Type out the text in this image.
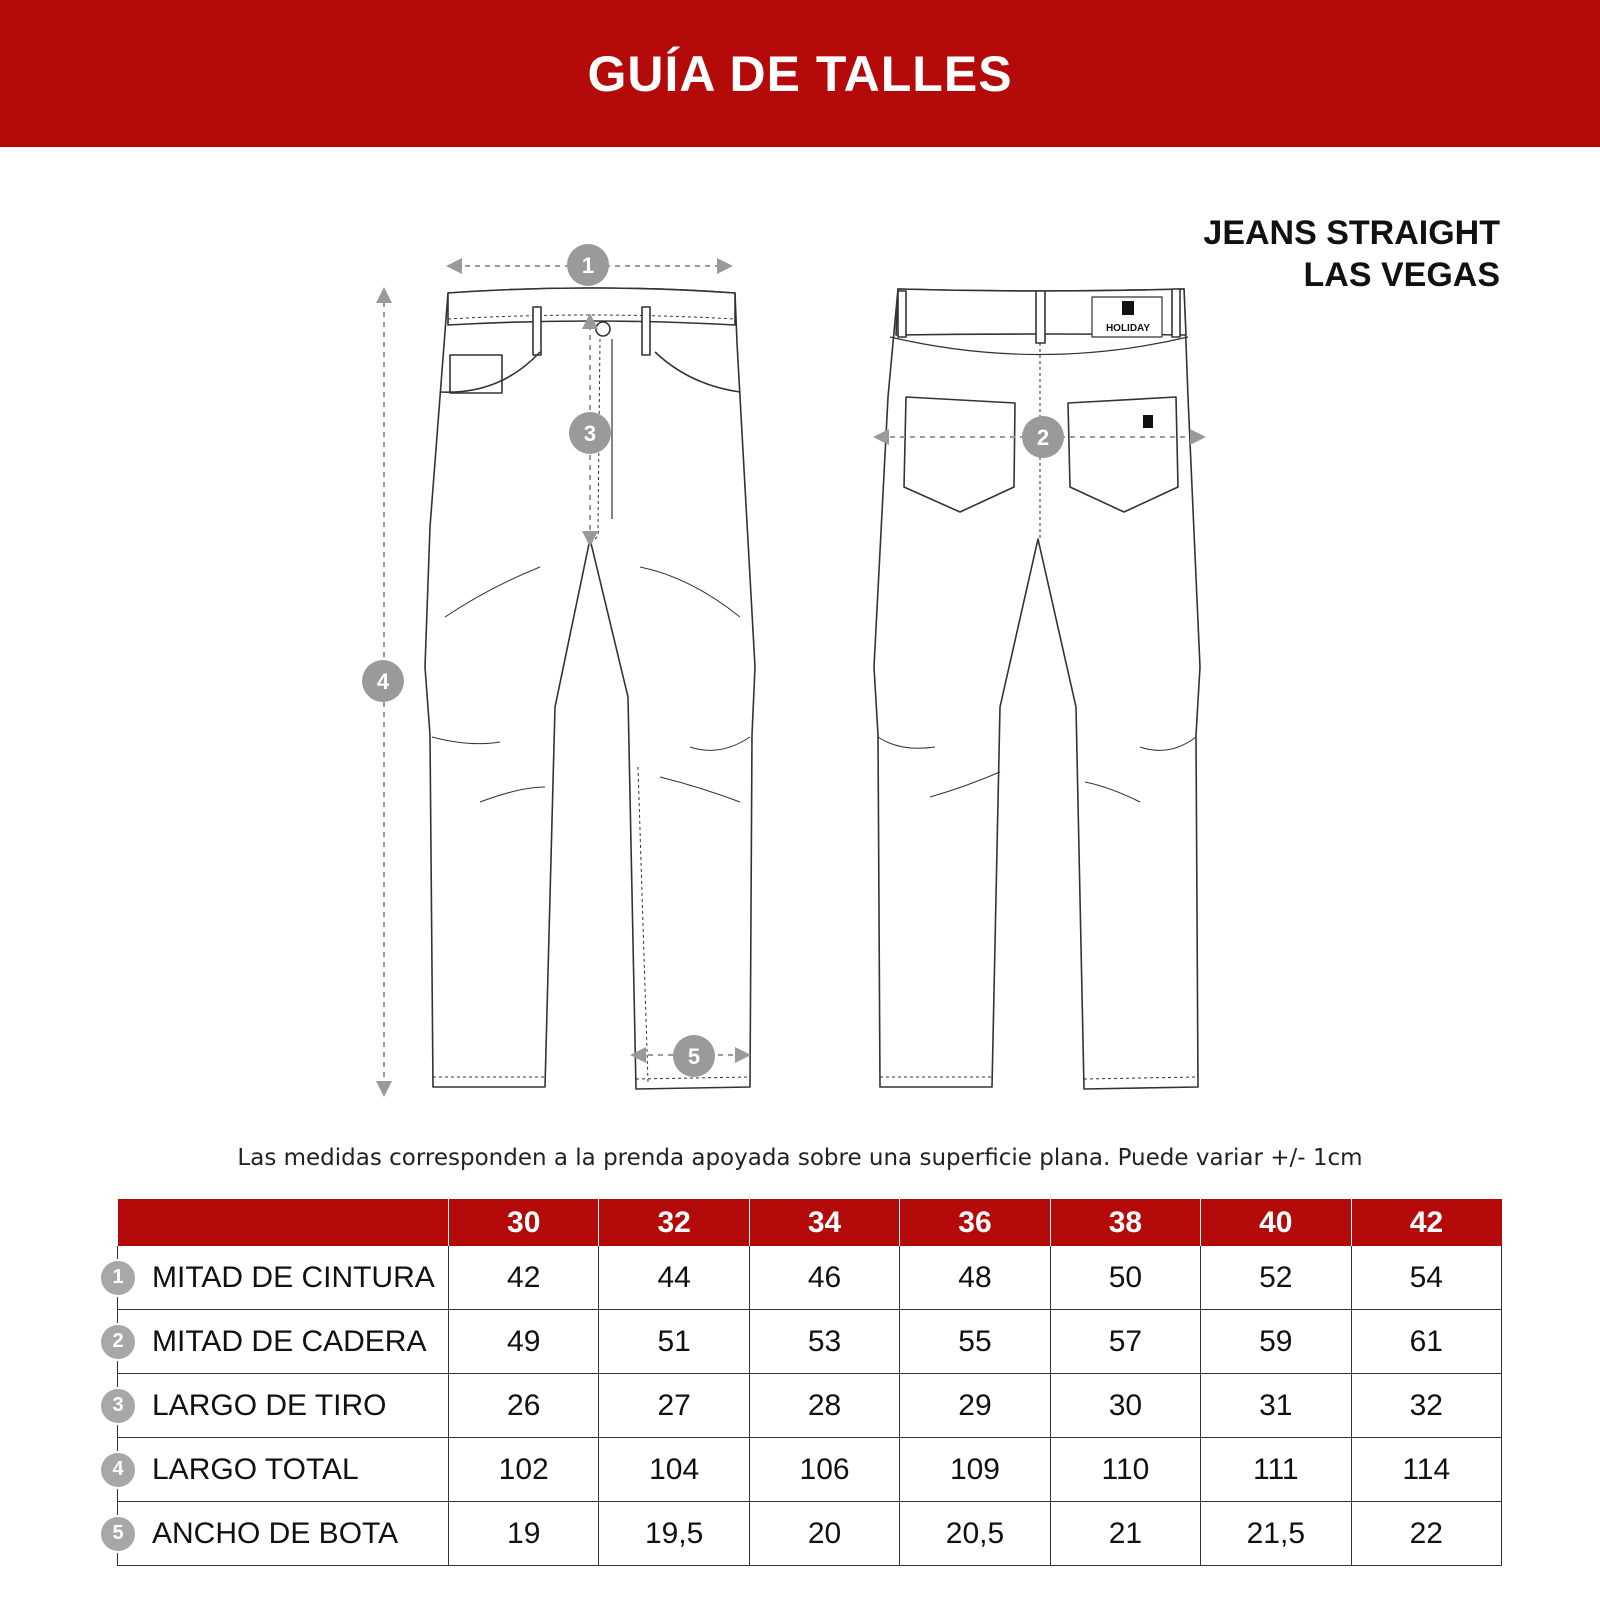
GUÍA DE TALLES
JEANS STRAIGHT
LAS VEGAS
HOLIDAY
1
2
3
4
5
Las medidas corresponden a la prenda apoyada sobre una superficie plana. Puede variar +/- 1cm
	30	32	34	36	38	40	42

1 MITAD DE CINTURA	42	44	46	48	50	52	54

2 MITAD DE CADERA	49	51	53	55	57	59	61

3 LARGO DE TIRO	26	27	28	29	30	31	32

4 LARGO TOTAL	102	104	106	109	110	111	114

5 ANCHO DE BOTA	19	19,5	20	20,5	21	21,5	22
